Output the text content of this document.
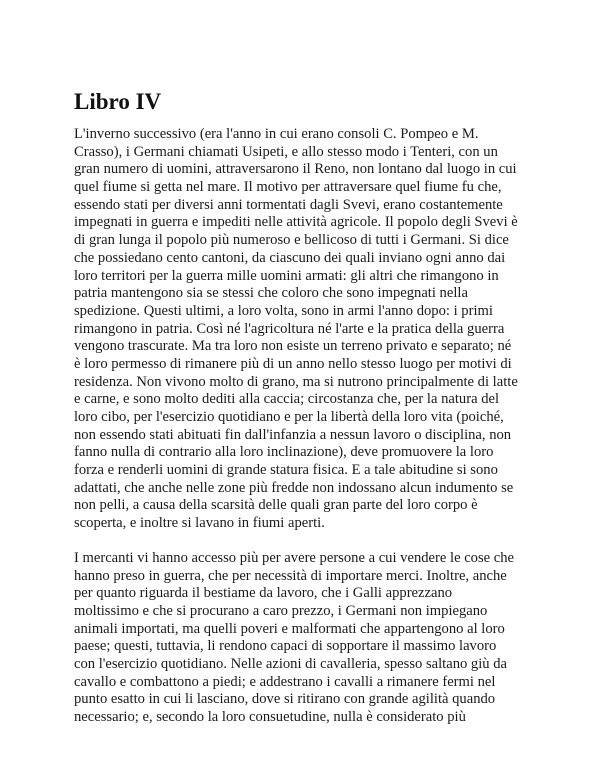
Libro IV

L'inverno successivo (era l'anno in cui erano consoli C. Pompeo e M.
Crasso), i Germani chiamati Usipeti, e allo stesso modo i Tenteri, con un
gran numero di uomini, attraversarono il Reno, non lontano dal luogo in cui
quel fiume si getta nel mare. Il motivo per attraversare quel fiume fu che,
essendo stati per diversi anni tormentati dagli Svevi, erano costantemente
impegnati in guerra e impediti nelle attività agricole. Il popolo degli Svevi è
di gran lunga il popolo più numeroso e bellicoso di tutti i Germani. Si dice
che possiedano cento cantoni, da ciascuno dei quali inviano ogni anno dai
loro territori per la guerra mille uomini armati: gli altri che rimangono in
patria mantengono sia se stessi che coloro che sono impegnati nella
spedizione. Questi ultimi, a loro volta, sono in armi l'anno dopo: i primi
rimangono in patria. Così né l'agricoltura né l'arte e la pratica della guerra
vengono trascurate. Ma tra loro non esiste un terreno privato e separato; né
è loro permesso di rimanere più di un anno nello stesso luogo per motivi di
residenza. Non vivono molto di grano, ma si nutrono principalmente di latte
e carne, e sono molto dediti alla caccia; circostanza che, per la natura del
loro cibo, per l'esercizio quotidiano e per la libertà della loro vita (poiché,
non essendo stati abituati fin dall'infanzia a nessun lavoro o disciplina, non
fanno nulla di contrario alla loro inclinazione), deve promuovere la loro
forza e renderli uomini di grande statura fisica. E a tale abitudine si sono
adattati, che anche nelle zone più fredde non indossano alcun indumento se
non pelli, a causa della scarsità delle quali gran parte del loro corpo è
scoperta, e inoltre si lavano in fiumi aperti.

I mercanti vi hanno accesso più per avere persone a cui vendere le cose che
hanno preso in guerra, che per necessità di importare merci. Inoltre, anche
per quanto riguarda il bestiame da lavoro, che i Galli apprezzano
moltissimo e che si procurano a caro prezzo, i Germani non impiegano
animali importati, ma quelli poveri e malformati che appartengono al loro
paese; questi, tuttavia, li rendono capaci di sopportare il massimo lavoro
con l'esercizio quotidiano. Nelle azioni di cavalleria, spesso saltano giù da
cavallo e combattono a piedi; e addestrano i cavalli a rimanere fermi nel
punto esatto in cui li lasciano, dove si ritirano con grande agilità quando
necessario; e, secondo la loro consuetudine, nulla è considerato più
